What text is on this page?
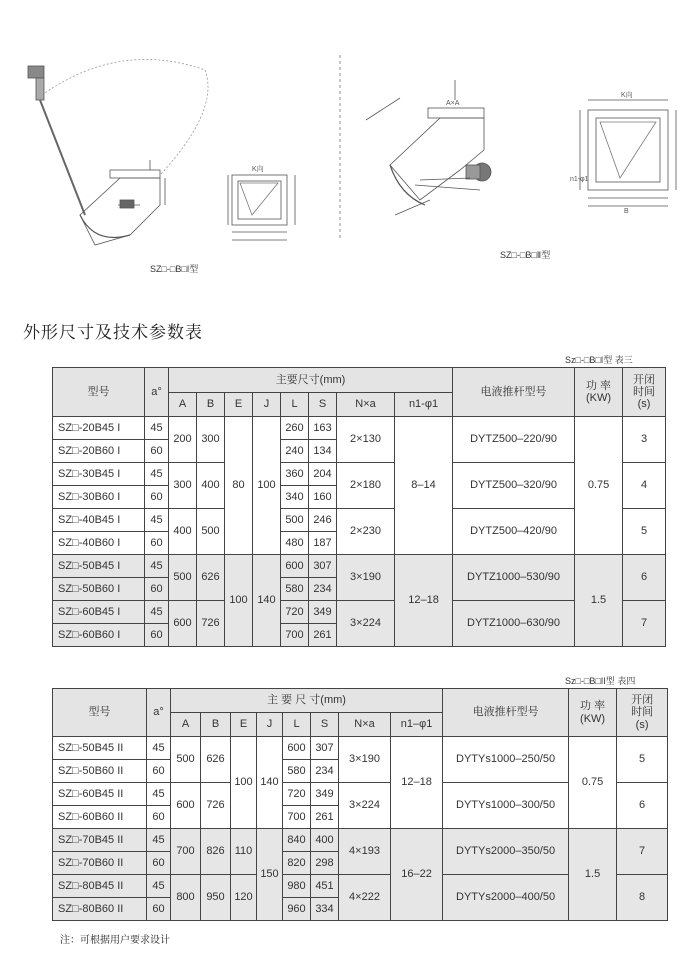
K向
K向
A×A
B
n1-φ1
SZ□-□B□I型
SZ□-□B□Ⅱ型
外形尺寸及技术参数表
Sz□-□B□I型 表三
型号	a°	主要尺寸(mm)								电液推杆型号	功 率
(KW)	开闭
时间
(s)
		A	B	E	J	L	S	N×a	n1-φ1			
SZ□-20B45 I	45	200	300	80	100	260	163	2×130	8–14	DYTZ500–220/90	0.75	3
SZ□-20B60 I	60					240	134					
SZ□-30B45 I	45	300	400			360	204	2×180		DYTZ500–320/90		4
SZ□-30B60 I	60					340	160					
SZ□-40B45 I	45	400	500			500	246	2×230		DYTZ500–420/90		5
SZ□-40B60 I	60					480	187					
SZ□-50B45 I	45	500	626	100	140	600	307	3×190	12–18	DYTZ1000–530/90	1.5	6
SZ□-50B60 I	60					580	234					
SZ□-60B45 I	45	600	726			720	349	3×224		DYTZ1000–630/90		7
SZ□-60B60 I	60					700	261					
Sz□-□B□II型 表四
型号	a°	主 要 尺 寸(mm)								电液推杆型号	功 率
(KW)	开闭
时间
(s)
		A	B	E	J	L	S	N×a	n1–φ1			
SZ□-50B45 II	45	500	626	100	140	600	307	3×190	12–18	DYTYs1000–250/50	0.75	5
SZ□-50B60 II	60					580	234					
SZ□-60B45 II	45	600	726			720	349	3×224		DYTYs1000–300/50		6
SZ□-60B60 II	60					700	261					
SZ□-70B45 II	45	700	826	110	150	840	400	4×193	16–22	DYTYs2000–350/50	1.5	7
SZ□-70B60 II	60					820	298					
SZ□-80B45 II	45	800	950	120		980	451	4×222		DYTYs2000–400/50		8
SZ□-80B60 II	60					960	334					
注：可根据用户要求设计
